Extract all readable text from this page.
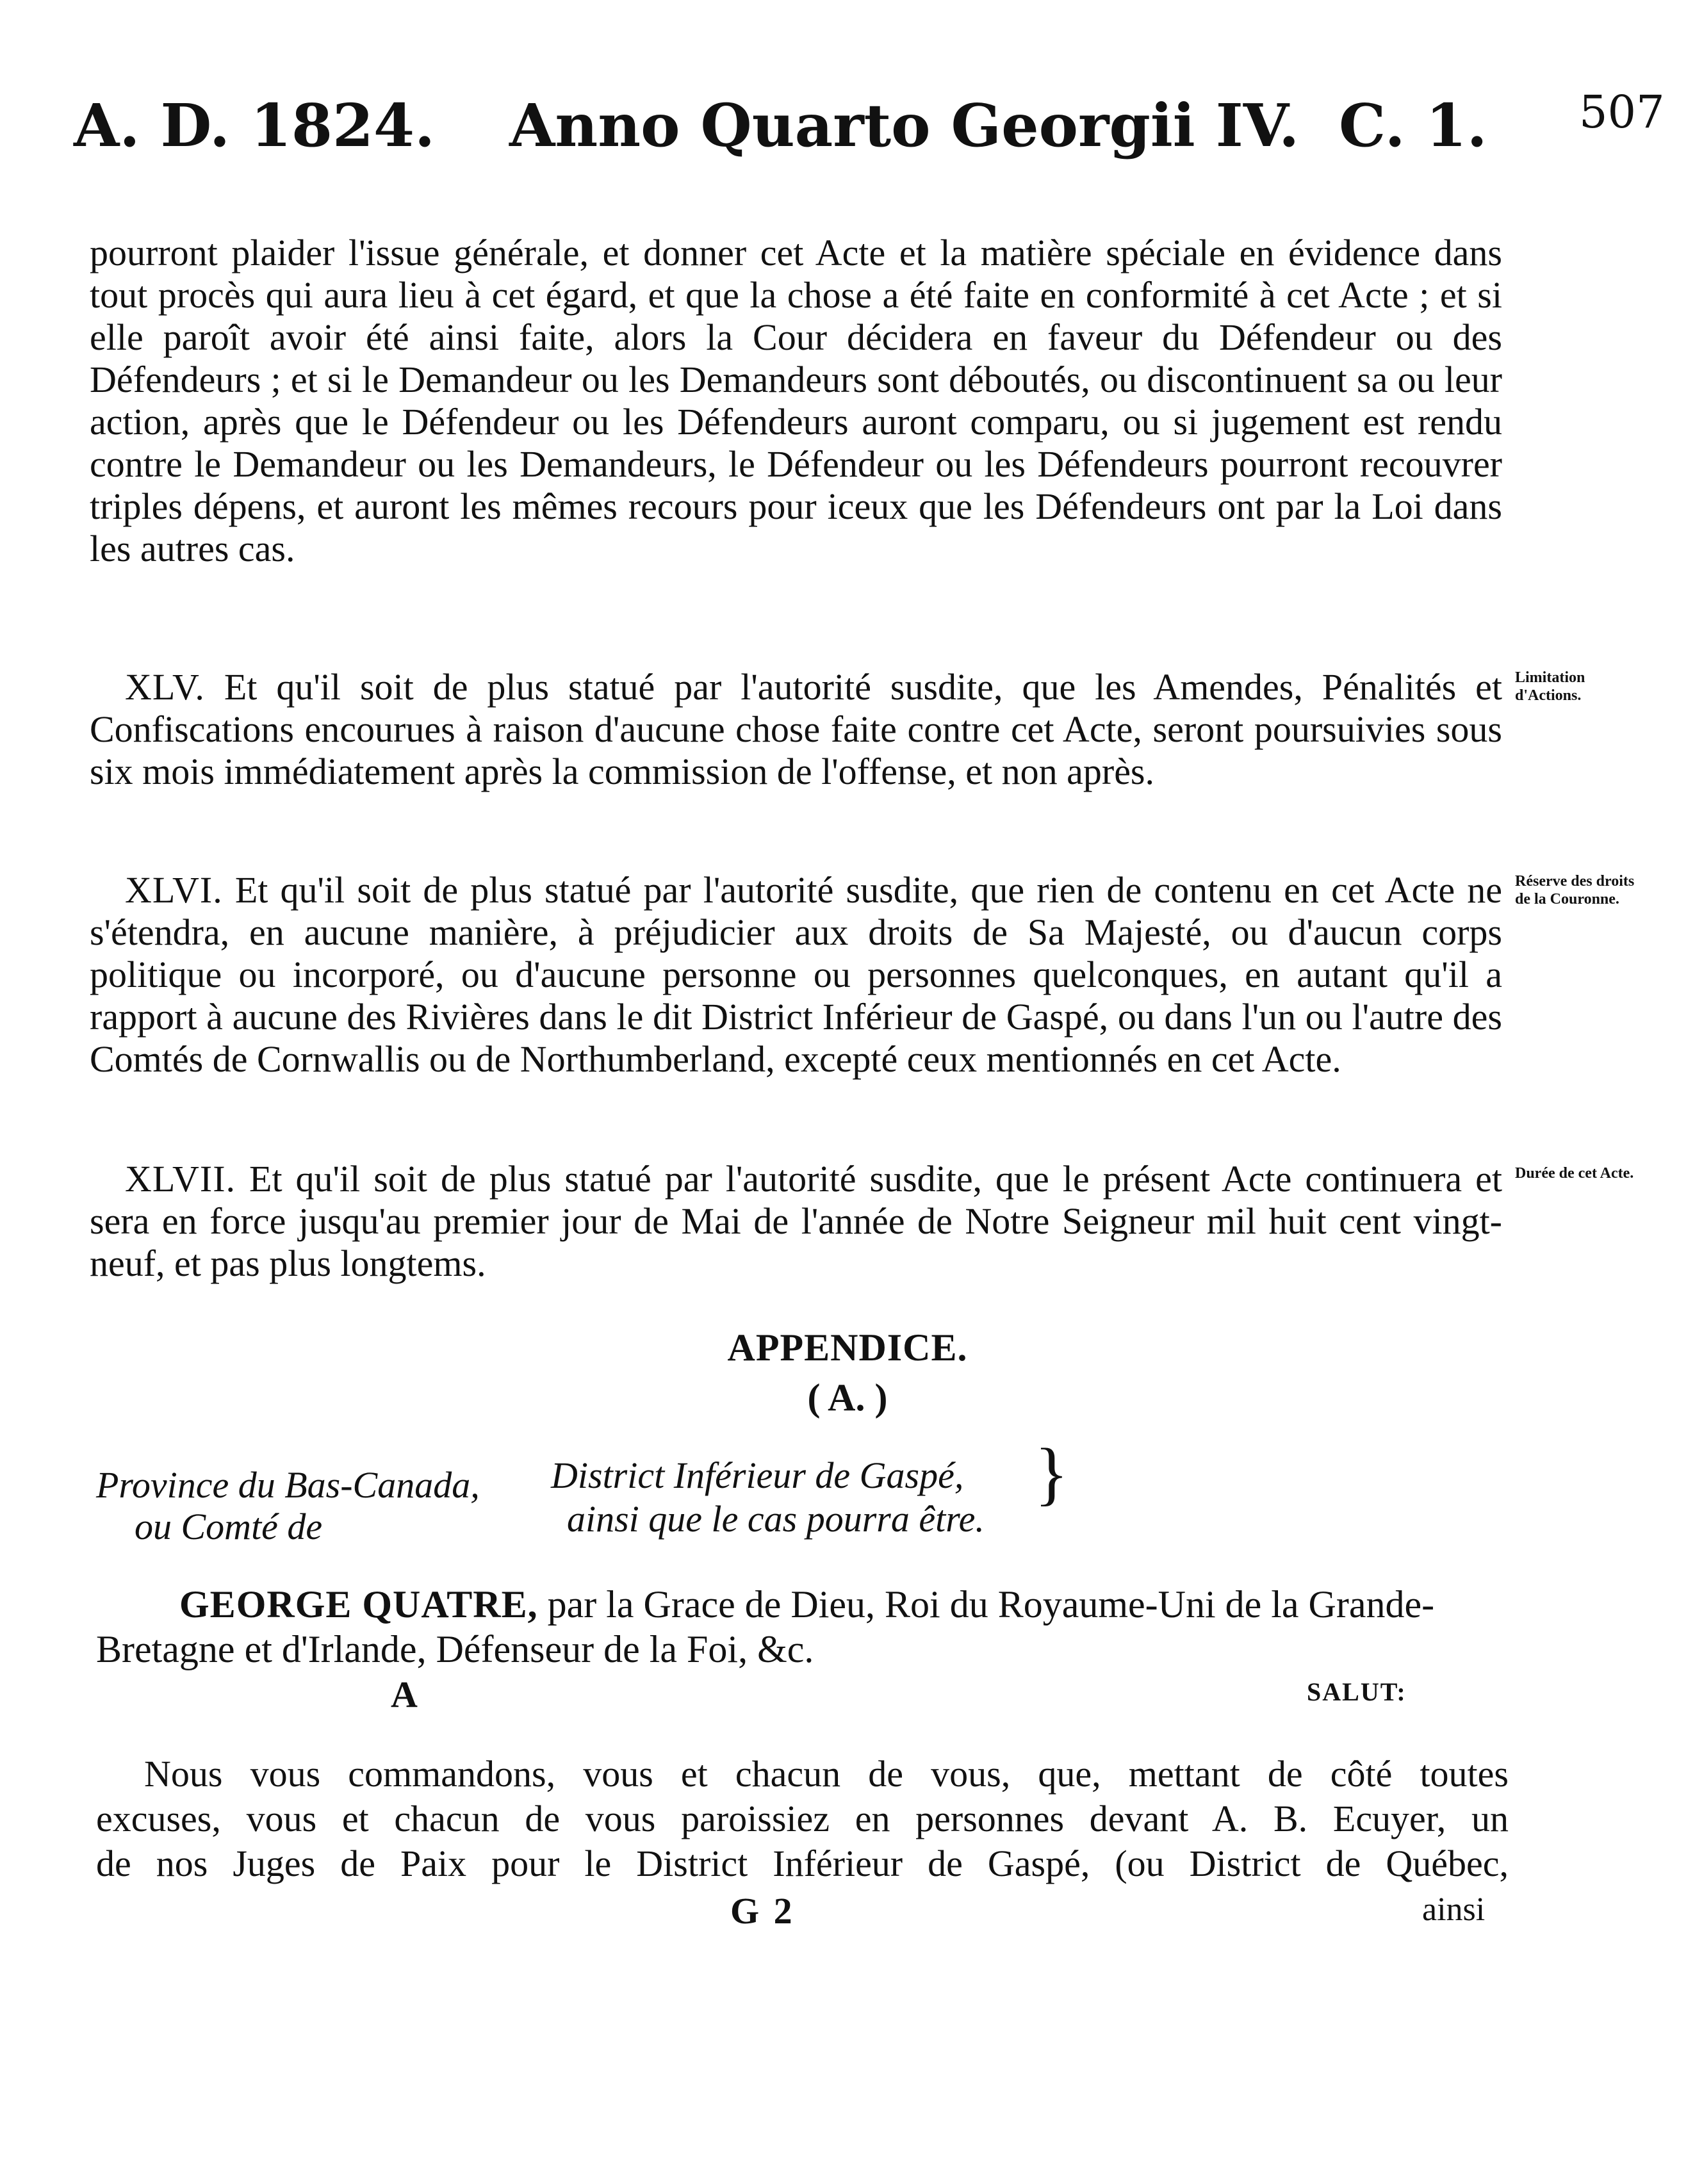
A. D. 1824. Anno Quarto Georgii IV. C. 1. 507

pourront plaider l'issue générale, et donner cet Acte et la matière spéciale en évidence dans tout procès qui aura lieu à cet égard, et que la chose a été faite en conformité à cet Acte ; et si elle paroît avoir été ainsi faite, alors la Cour décidera en faveur du Défendeur ou des Défendeurs ; et si le Demandeur ou les Demandeurs sont déboutés, ou discontinuent sa ou leur action, après que le Défendeur ou les Défendeurs auront comparu, ou si jugement est rendu contre le Demandeur ou les Demandeurs, le Défendeur ou les Défendeurs pourront recouvrer triples dépens, et auront les mêmes recours pour iceux que les Défendeurs ont par la Loi dans les autres cas.

XLV. Et qu'il soit de plus statué par l'autorité susdite, que les Amendes, Pénalités et Confiscations encourues à raison d'aucune chose faite contre cet Acte, seront poursuivies sous six mois immédiatement après la commission de l'offense, et non après.

Limitation d'Actions.

XLVI. Et qu'il soit de plus statué par l'autorité susdite, que rien de contenu en cet Acte ne s'étendra, en aucune manière, à préjudicier aux droits de Sa Majesté, ou d'aucun corps politique ou incorporé, ou d'aucune personne ou personnes quelconques, en autant qu'il a rapport à aucune des Rivières dans le dit District Inférieur de Gaspé, ou dans l'un ou l'autre des Comtés de Cornwallis ou de Northumberland, excepté ceux mentionnés en cet Acte.

Réserve des droits de la Couronne.

XLVII. Et qu'il soit de plus statué par l'autorité susdite, que le présent Acte continuera et sera en force jusqu'au premier jour de Mai de l'année de Notre Seigneur mil huit cent vingt-neuf, et pas plus longtems.

Durée de cet Acte.
APPENDICE.
( A. )
Province du Bas-Canada,
ou Comté de
District Inférieur de Gaspé,
ainsi que le cas pourra être.
}
GEORGE QUATRE, par la Grace de Dieu, Roi du Royaume-Uni de la Grande-Bretagne et d'Irlande, Défenseur de la Foi, &c.
A	SALUT:

Nous vous commandons, vous et chacun de vous, que, mettant de côté toutes

excuses, vous et chacun de vous paroissiez en personnes devant A. B. Ecuyer, un

de nos Juges de Paix pour le District Inférieur de Gaspé, (ou District de Québec,

G 2	ainsi
